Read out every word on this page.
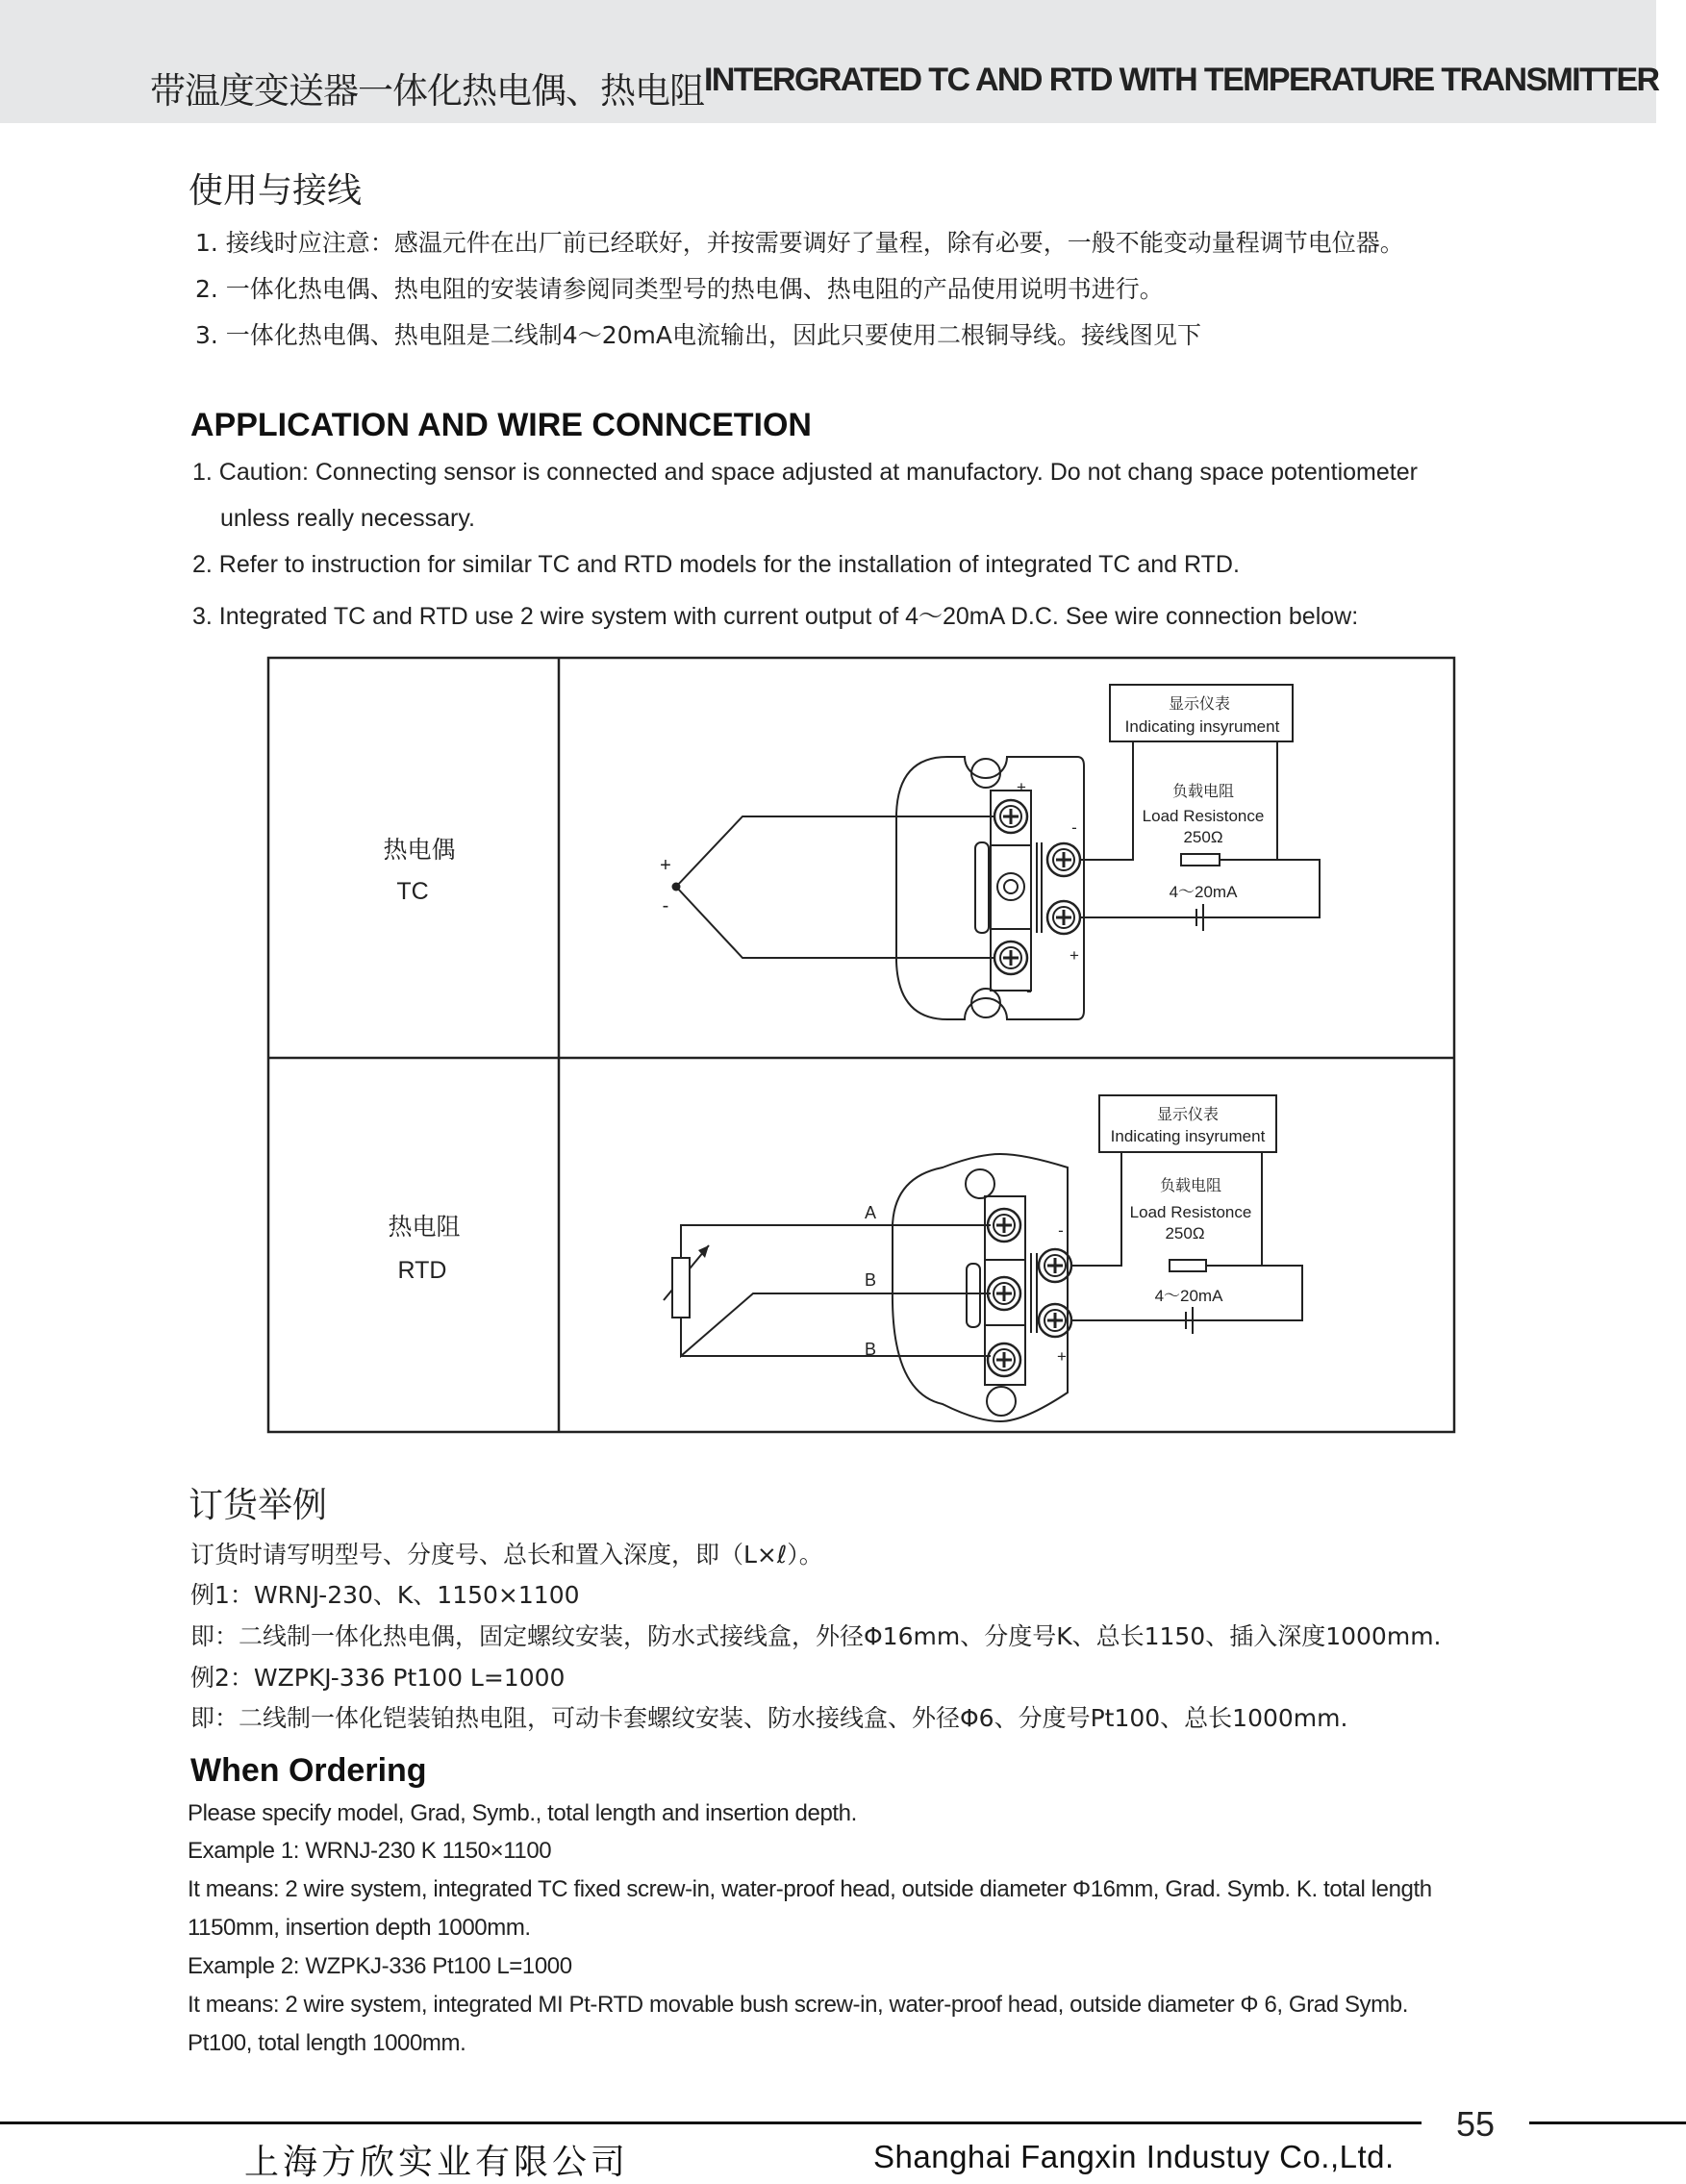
带温度变送器一体化热电偶、热电阻 INTERGRATED TC AND RTD WITH TEMPERATURE TRANSMITTER
使用与接线
1. 接线时应注意：感温元件在出厂前已经联好，并按需要调好了量程，除有必要，一般不能变动量程调节电位器。
2. 一体化热电偶、热电阻的安装请参阅同类型号的热电偶、热电阻的产品使用说明书进行。
3. 一体化热电偶、热电阻是二线制4～20mA电流输出，因此只要使用二根铜导线。接线图见下
APPLICATION AND WIRE CONNCETION
1. Caution: Connecting sensor is connected and space adjusted at manufactory. Do not chang space potentiometer
unless really necessary.
2. Refer to instruction for similar TC and RTD models for the installation of integrated TC and RTD.
3. Integrated TC and RTD use 2 wire system with current output of 4～20mA D.C. See wire connection below:
热电偶
TC
+
-
+
-
-
+
显示仪表
Indicating insyrument
负载电阻
Load Resistonce
250Ω
4～20mA
热电阻
RTD
A
B
B
-
+
显示仪表
Indicating insyrument
负载电阻
Load Resistonce
250Ω
4～20mA
订货举例
订货时请写明型号、分度号、总长和置入深度，即（L×ℓ）。
例1：WRNJ-230、K、1150×1100
即：二线制一体化热电偶，固定螺纹安装，防水式接线盒，外径Φ16mm、分度号K、总长1150、插入深度1000mm.
例2：WZPKJ-336 Pt100 L=1000
即：二线制一体化铠装铂热电阻，可动卡套螺纹安装、防水接线盒、外径Φ6、分度号Pt100、总长1000mm.
When Ordering
Please specify model, Grad, Symb., total length and insertion depth.
Example 1: WRNJ-230 K 1150×1100
It means: 2 wire system, integrated TC fixed screw-in, water-proof head, outside diameter Φ16mm, Grad. Symb. K. total length
1150mm, insertion depth 1000mm.
Example 2: WZPKJ-336 Pt100 L=1000
It means: 2 wire system, integrated MI Pt-RTD movable bush screw-in, water-proof head, outside diameter Φ 6, Grad Symb.
Pt100, total length 1000mm.
55
上海方欣实业有限公司	Shanghai Fangxin Industuy Co.,Ltd.
